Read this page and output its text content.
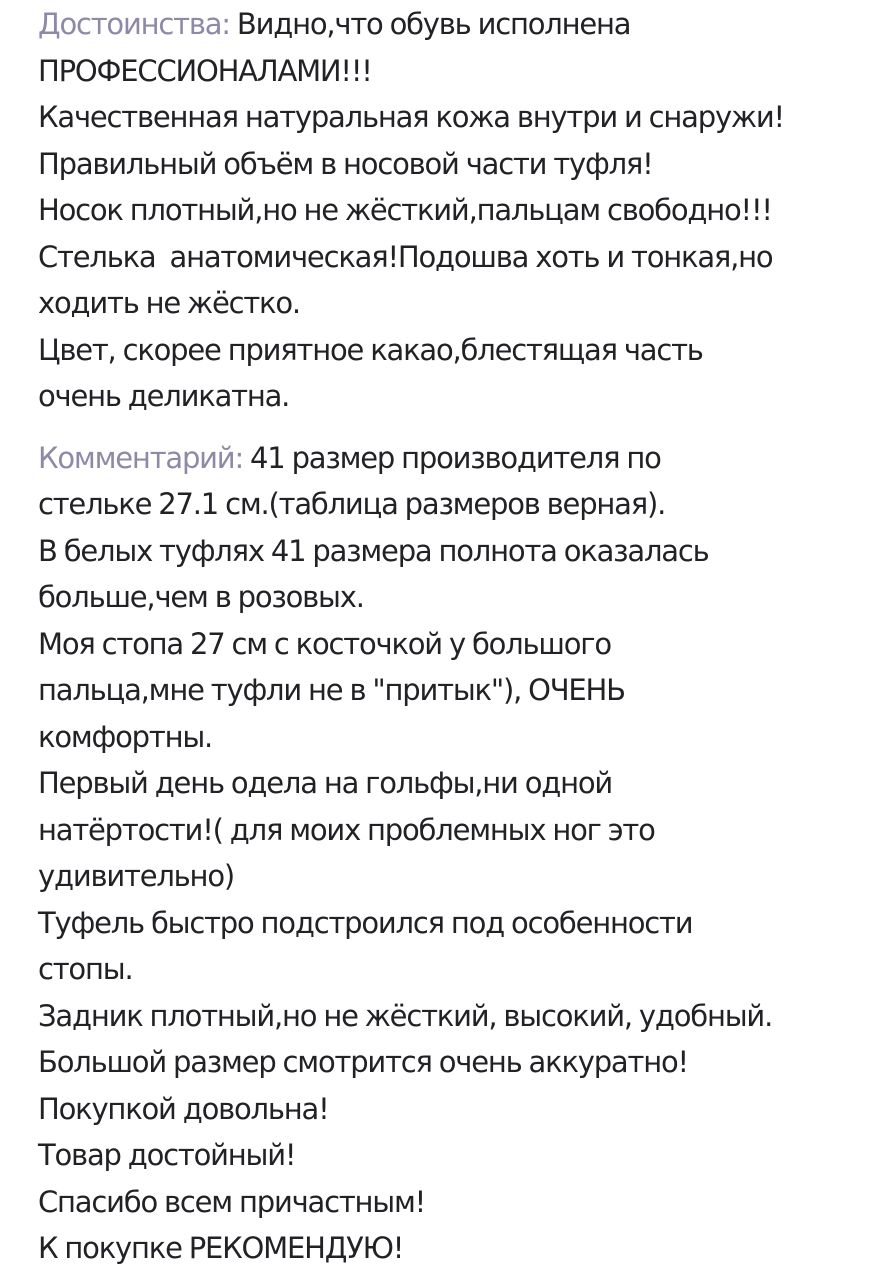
Достоинства: Видно,что обувь исполнена
ПРОФЕССИОНАЛАМИ!!!
Качественная натуральная кожа внутри и снаружи!
Правильный объём в носовой части туфля!
Носок плотный,но не жёсткий,пальцам свободно!!!
Стелька  анатомическая!Подошва хоть и тонкая,но
ходить не жёстко.
Цвет, скорее приятное какао,блестящая часть
очень деликатна.
Комментарий: 41 размер производителя по
стельке 27.1 см.(таблица размеров верная).
В белых туфлях 41 размера полнота оказалась
больше,чем в розовых.
Моя стопа 27 см с косточкой у большого
пальца,мне туфли не в "притык"), ОЧЕНЬ
комфортны.
Первый день одела на гольфы,ни одной
натёртости!( для моих проблемных ног это
удивительно)
Туфель быстро подстроился под особенности
стопы.
Задник плотный,но не жёсткий, высокий, удобный.
Большой размер смотрится очень аккуратно!
Покупкой довольна!
Товар достойный!
Спасибо всем причастным!
К покупке РЕКОМЕНДУЮ!
